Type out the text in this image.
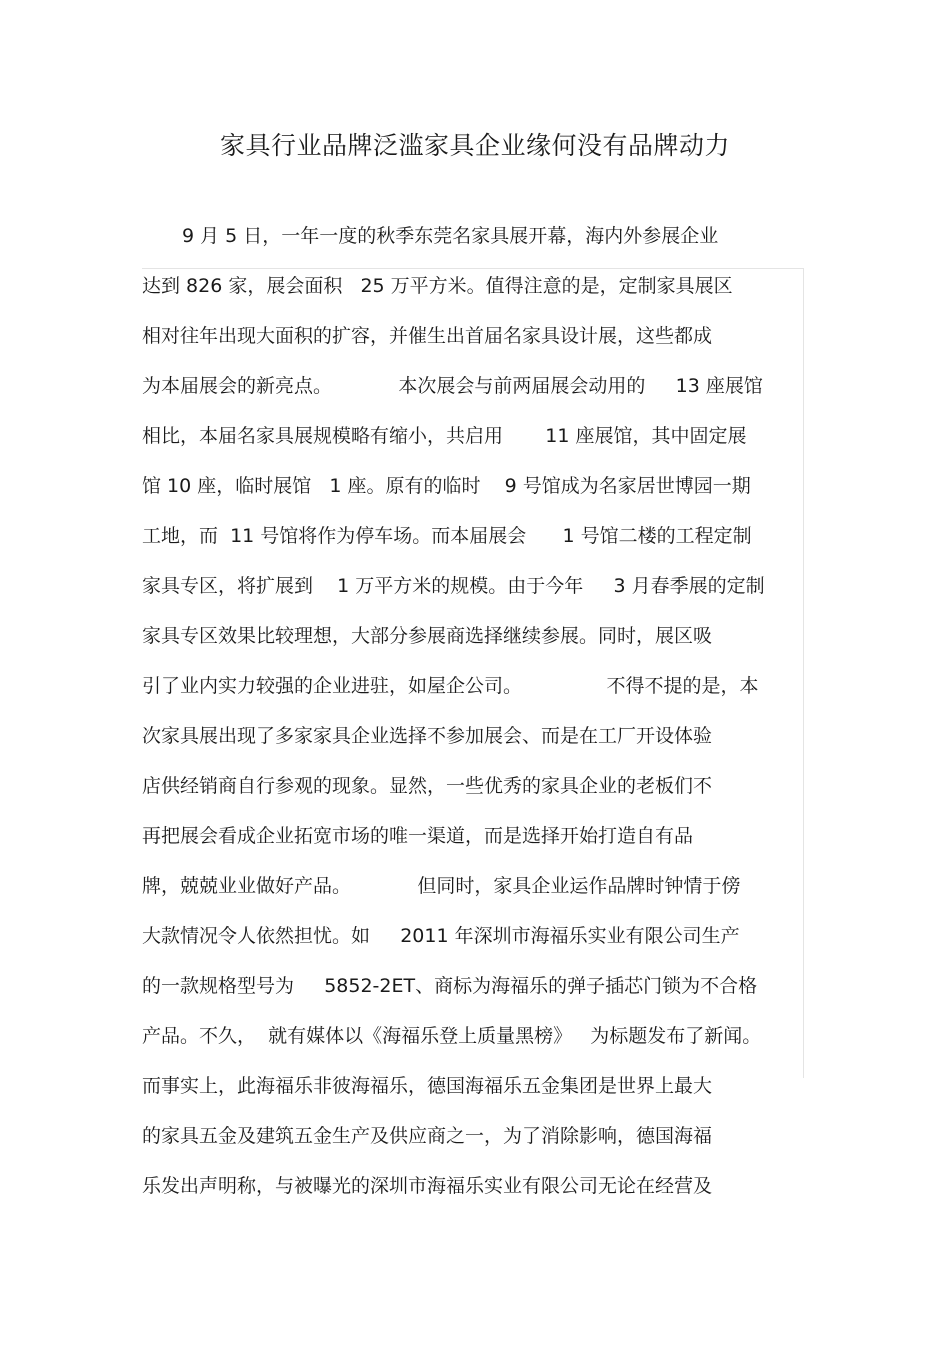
家具行业品牌泛滥家具企业缘何没有品牌动力
9 月 5 日，一年一度的秋季东莞名家具展开幕，海内外参展企业
达到 826 家，展会面积   25 万平方米。值得注意的是，定制家具展区
相对往年出现大面积的扩容，并催生出首届名家具设计展，这些都成
为本届展会的新亮点。           本次展会与前两届展会动用的     13 座展馆
相比，本届名家具展规模略有缩小，共启用       11 座展馆，其中固定展
馆 10 座，临时展馆   1 座。原有的临时    9 号馆成为名家居世博园一期
工地，而  11 号馆将作为停车场。而本届展会      1 号馆二楼的工程定制
家具专区，将扩展到    1 万平方米的规模。由于今年     3 月春季展的定制
家具专区效果比较理想，大部分参展商选择继续参展。同时，展区吸
引了业内实力较强的企业进驻，如屋企公司。              不得不提的是，本
次家具展出现了多家家具企业选择不参加展会、而是在工厂开设体验
店供经销商自行参观的现象。显然，一些优秀的家具企业的老板们不
再把展会看成企业拓宽市场的唯一渠道，而是选择开始打造自有品
牌，兢兢业业做好产品。           但同时，家具企业运作品牌时钟情于傍
大款情况令人依然担忧。如     2011 年深圳市海福乐实业有限公司生产
的一款规格型号为     5852-2ET、商标为海福乐的弹子插芯门锁为不合格
产品。不久，  就有媒体以《海福乐登上质量黑榜》   为标题发布了新闻。
而事实上，此海福乐非彼海福乐，德国海福乐五金集团是世界上最大
的家具五金及建筑五金生产及供应商之一，为了消除影响，德国海福
乐发出声明称，与被曝光的深圳市海福乐实业有限公司无论在经营及
